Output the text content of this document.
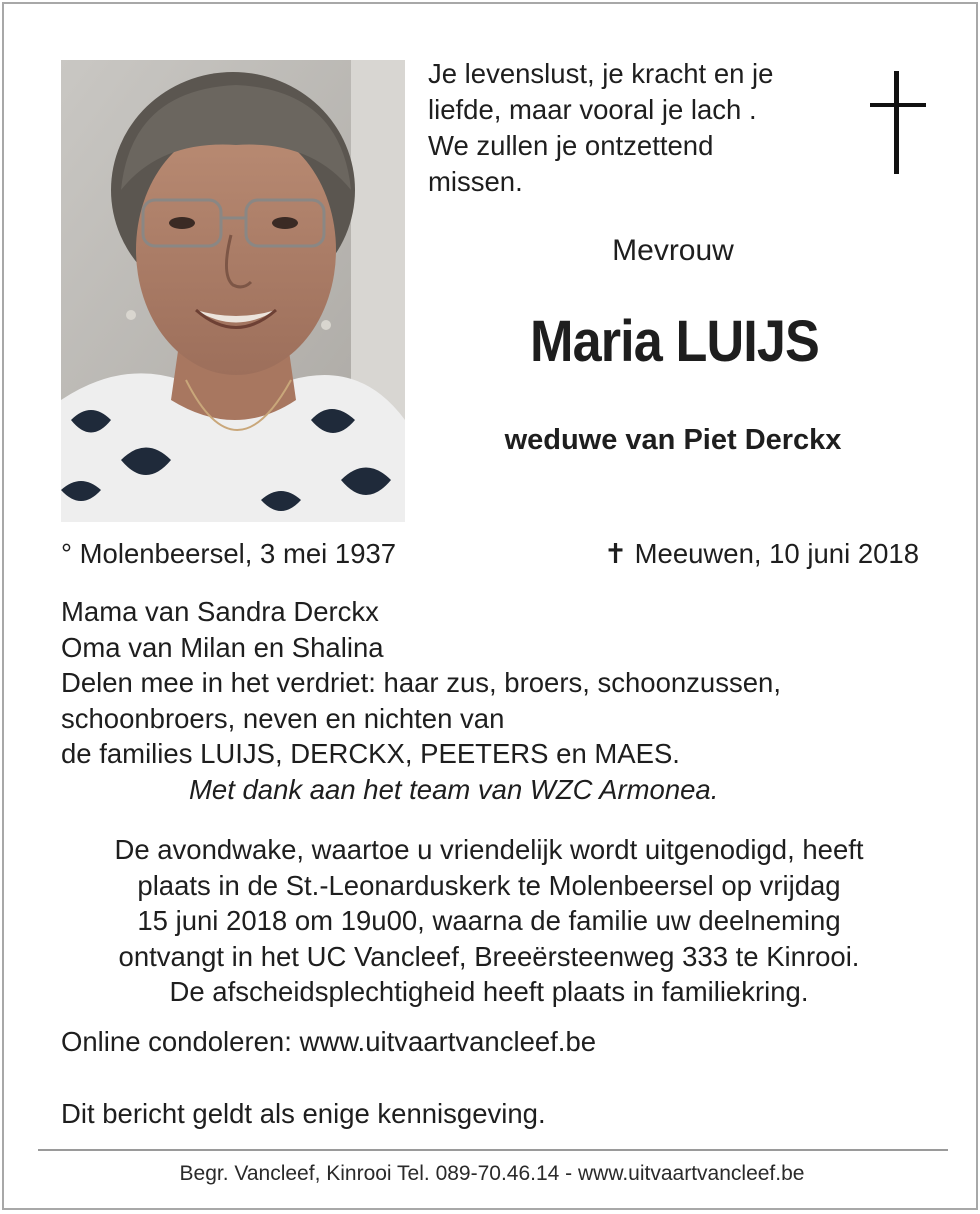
Je levenslust, je kracht en je
liefde, maar vooral je lach .
We zullen je ontzettend
missen.

Mevrouw

Maria LUIJS

weduwe van Piet Derckx

° Molenbeersel, 3 mei 1937	✝ Meeuwen, 10 juni 2018

Mama van Sandra Derckx

Oma van Milan en Shalina

Delen mee in het verdriet: haar zus, broers, schoonzussen,

schoonbroers, neven en nichten van

de families LUIJS, DERCKX, PEETERS en MAES.

Met dank aan het team van WZC Armonea.

De avondwake, waartoe u vriendelijk wordt uitgenodigd, heeft

plaats in de St.-Leonarduskerk te Molenbeersel op vrijdag

15 juni 2018 om 19u00, waarna de familie uw deelneming

ontvangt in het UC Vancleef, Breeërsteenweg 333 te Kinrooi.

De afscheidsplechtigheid heeft plaats in familiekring.

Online condoleren: www.uitvaartvancleef.be

Dit bericht geldt als enige kennisgeving.

Begr. Vancleef, Kinrooi Tel. 089-70.46.14 - www.uitvaartvancleef.be
